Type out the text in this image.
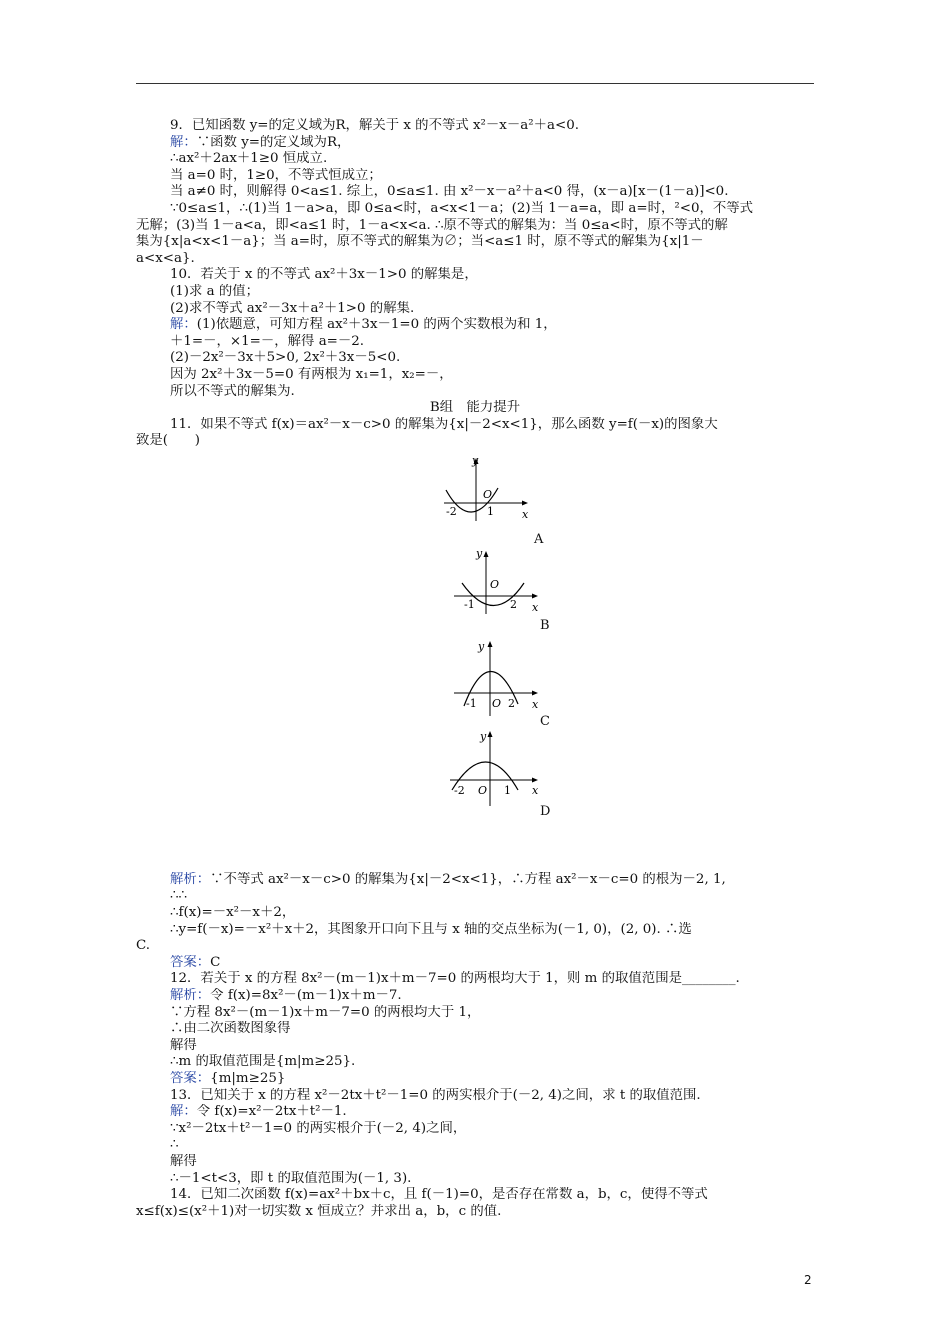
9．已知函数 y=的定义域为R，解关于 x 的不等式 x²－x－a²＋a<0.
解：∵函数 y=的定义域为R，
∴ax²＋2ax＋1≥0 恒成立.
当 a=0 时，1≥0，不等式恒成立；
当 a≠0 时，则解得 0<a≤1. 综上，0≤a≤1. 由 x²－x－a²＋a<0 得，(x－a)[x－(1－a)]<0.
∵0≤a≤1，∴(1)当 1－a>a，即 0≤a<时，a<x<1－a；(2)当 1－a=a，即 a=时，²<0，不等式
无解；(3)当 1－a<a，即<a≤1 时，1－a<x<a. ∴原不等式的解集为：当 0≤a<时，原不等式的解
集为{x|a<x<1－a}；当 a=时，原不等式的解集为∅；当<a≤1 时，原不等式的解集为{x|1－
a<x<a}.
10．若关于 x 的不等式 ax²＋3x－1>0 的解集是，
(1)求 a 的值；
(2)求不等式 ax²－3x＋a²＋1>0 的解集.
解：(1)依题意，可知方程 ax²＋3x－1=0 的两个实数根为和 1，
＋1=－，×1=－，解得 a=－2.
(2)－2x²－3x＋5>0, 2x²＋3x－5<0.
因为 2x²＋3x－5=0 有两根为 x₁=1，x₂=－，
所以不等式的解集为.
B组　能力提升
11．如果不等式 f(x)＝ax²－x－c>0 的解集为{x|－2<x<1}，那么函数 y=f(－x)的图象大
致是(　　)
y
x
O
-2	1
A
y
x
O
-1	2
B
y
x
O
-1	2
C
y
x
O
-2	1
D
解析：∵不等式 ax²－x－c>0 的解集为{x|－2<x<1}，∴方程 ax²－x－c=0 的根为－2, 1,
∴∴
∴f(x)=－x²－x＋2，
∴y=f(－x)=－x²＋x＋2，其图象开口向下且与 x 轴的交点坐标为(－1, 0)，(2, 0). ∴选
C.
答案：C
12．若关于 x 的方程 8x²－(m－1)x＋m－7=0 的两根均大于 1，则 m 的取值范围是________.
解析：令 f(x)=8x²－(m－1)x＋m－7.
∵方程 8x²－(m－1)x＋m－7=0 的两根均大于 1，
∴由二次函数图象得
解得
∴m 的取值范围是{m|m≥25}.
答案：{m|m≥25}
13．已知关于 x 的方程 x²－2tx＋t²－1=0 的两实根介于(－2, 4)之间，求 t 的取值范围.
解：令 f(x)=x²－2tx＋t²－1.
∵x²－2tx＋t²－1=0 的两实根介于(－2, 4)之间，
∴
解得
∴－1<t<3，即 t 的取值范围为(－1, 3).
14．已知二次函数 f(x)=ax²＋bx＋c，且 f(－1)=0，是否存在常数 a，b，c，使得不等式
x≤f(x)≤(x²＋1)对一切实数 x 恒成立？并求出 a，b，c 的值.
2
